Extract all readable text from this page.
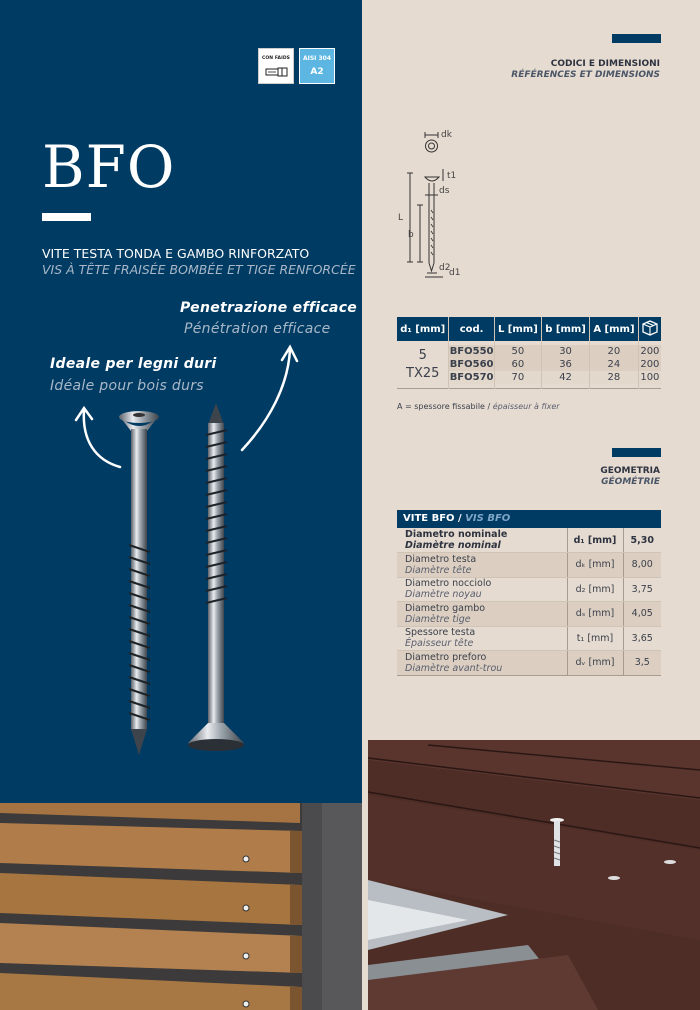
CON FAIDS	AISI 304
A2
BFO
VITE TESTA TONDA E GAMBO RINFORZATO
VIS À TÊTE FRAISÉE BOMBÉE ET TIGE RENFORCÉE
Penetrazione efficace
Pénétration efficace
Ideale per legni duri
Idéale pour bois durs
CODICI E DIMENSIONI
RÉFÉRENCES ET DIMENSIONS
dk
t1
ds
L
b
d2
d1
d₁ [mm]	cod.	L [mm]	b [mm]	A [mm]	

5
TX25	BFO550	50	30	20	200
	BFO560	60	36	24	200
	BFO570	70	42	28	100

A = spessore fissabile / épaisseur à fixer
GEOMETRIA
GÉOMÉTRIE
VITE BFO / VIS BFO
Diametro nominale
Diamètre nominal	d₁ [mm]	5,30
Diametro testa
Diamètre tête	dₖ [mm]	8,00
Diametro nocciolo
Diamètre noyau	d₂ [mm]	3,75
Diametro gambo
Diamètre tige	dₛ [mm]	4,05
Spessore testa
Épaisseur tête	t₁ [mm]	3,65
Diametro preforo
Diamètre avant-trou	dᵥ [mm]	3,5
